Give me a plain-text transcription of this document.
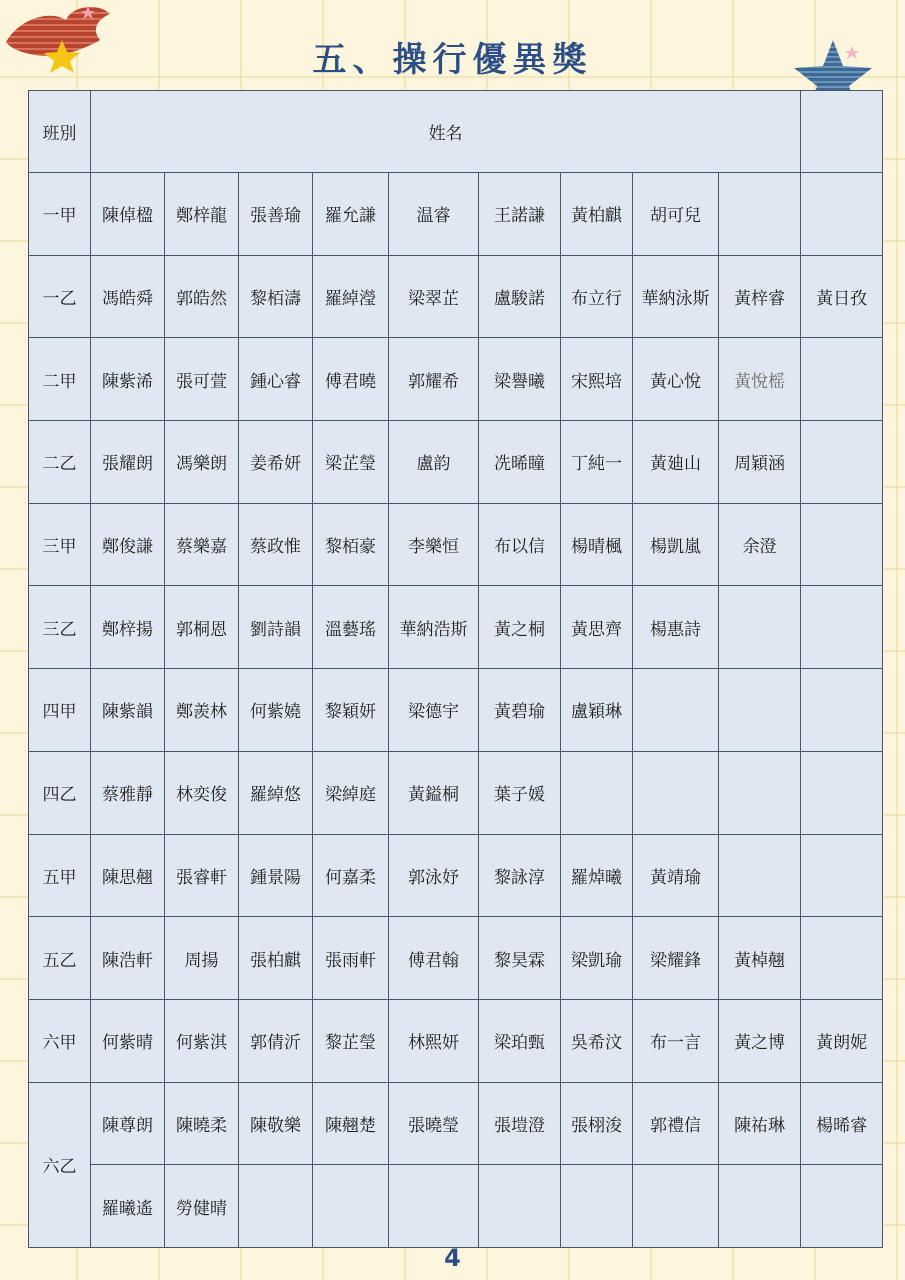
五、操行優異獎
班別	姓名									
一甲	陳倬楹	鄭梓龍	張善瑜	羅允謙	温睿	王諾謙	黃柏麒	胡可兒		
一乙	馮皓舜	郭皓然	黎栢濤	羅綽瀅	梁翠芷	盧駿諾	布立行	華納泳斯	黃梓睿	黃日孜
二甲	陳紫浠	張可萱	鍾心睿	傅君曉	郭耀希	梁譽曦	宋熙培	黃心悅	黃悅榣	
二乙	張耀朗	馮樂朗	姜希妍	梁芷瑩	盧韵	冼晞瞳	丁純一	黃廸山	周穎涵	
三甲	鄭俊謙	蔡樂嘉	蔡政惟	黎栢豪	李樂恒	布以信	楊晴楓	楊凱嵐	余澄	
三乙	鄭梓揚	郭桐恩	劉詩韻	溫藝瑤	華納浩斯	黃之桐	黃思齊	楊惠詩		
四甲	陳紫韻	鄭羨林	何紫嬈	黎穎妍	梁德宇	黃碧瑜	盧穎琳			
四乙	蔡雅靜	林奕俊	羅綽悠	梁綽庭	黃鎰桐	葉子媛				
五甲	陳思翹	張睿軒	鍾景陽	何嘉柔	郭泳妤	黎詠淳	羅焯曦	黃靖瑜		
五乙	陳浩軒	周揚	張柏麒	張雨軒	傅君翰	黎昊霖	梁凱瑜	梁耀鋒	黃棹翹	
六甲	何紫晴	何紫淇	郭倩沂	黎芷瑩	林熙妍	梁珀甄	吳希汶	布一言	黃之博	黃朗妮
六乙	陳尊朗	陳曉柔	陳敬樂	陳翹楚	張曉瑩	張塏澄	張栩浚	郭禮信	陳祐琳	楊晞睿
	羅曦遙	勞健晴								
4
